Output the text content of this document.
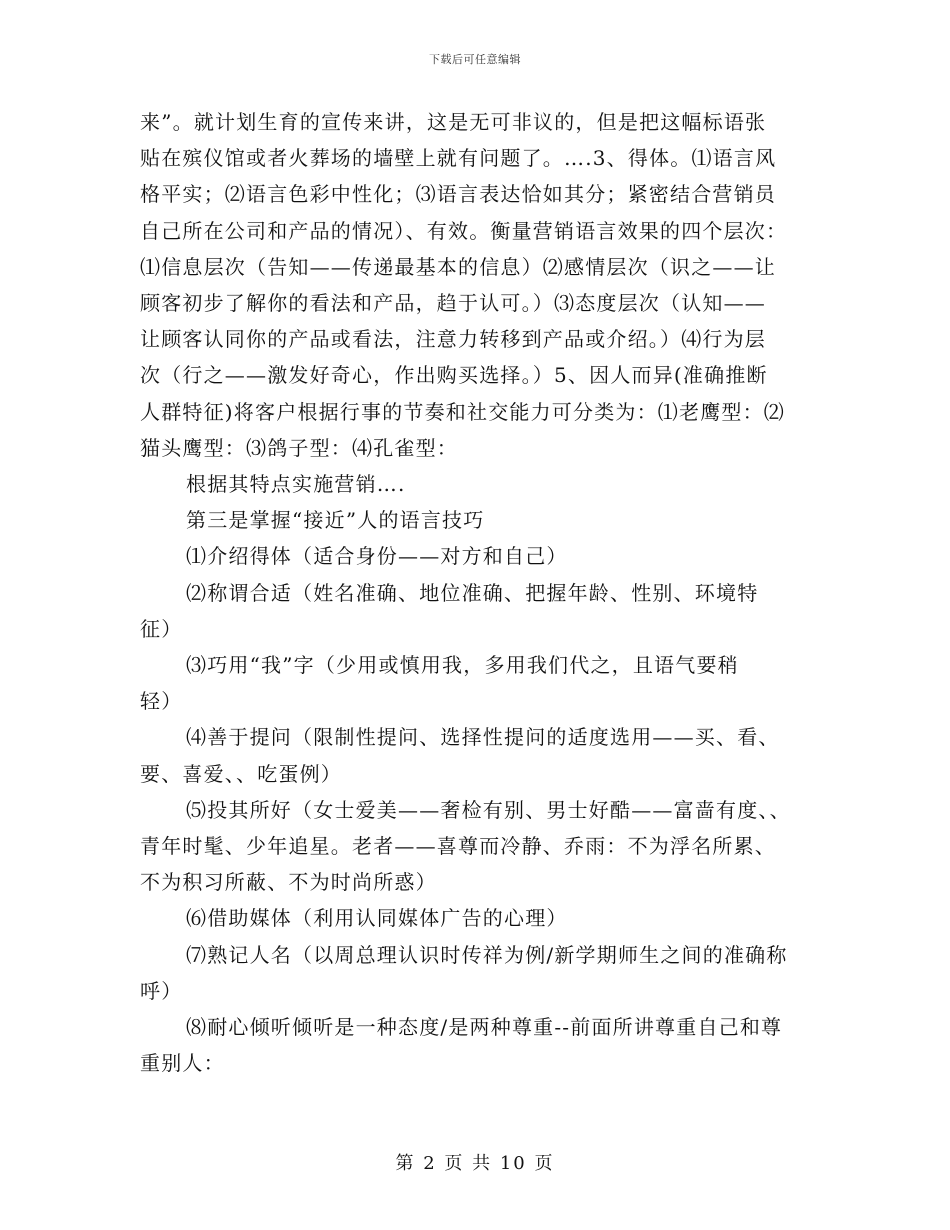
下载后可任意编辑

来”。就计划生育的宣传来讲，这是无可非议的，但是把这幅标语张
贴在殡仪馆或者火葬场的墙壁上就有问题了。….3、得体。⑴语言风
格平实；⑵语言色彩中性化；⑶语言表达恰如其分；紧密结合营销员
自己所在公司和产品的情况）、有效。衡量营销语言效果的四个层次：
⑴信息层次（告知——传递最基本的信息）⑵感情层次（识之——让
顾客初步了解你的看法和产品，趋于认可。）⑶态度层次（认知——
让顾客认同你的产品或看法，注意力转移到产品或介绍。）⑷行为层
次（行之——激发好奇心，作出购买选择。）5、因人而异(准确推断
人群特征)将客户根据行事的节奏和社交能力可分类为：⑴老鹰型：⑵
猫头鹰型：⑶鸽子型：⑷孔雀型：

根据其特点实施营销….

第三是掌握“接近”人的语言技巧

⑴介绍得体（适合身份——对方和自己）

⑵称谓合适（姓名准确、地位准确、把握年龄、性别、环境特
征）

⑶巧用“我”字（少用或慎用我，多用我们代之，且语气要稍
轻）

⑷善于提问（限制性提问、选择性提问的适度选用——买、看、
要、喜爱、、吃蛋例）

⑸投其所好（女士爱美——奢检有别、男士好酷——富啬有度、、
青年时髦、少年追星。老者——喜尊而冷静、乔雨：不为浮名所累、
不为积习所蔽、不为时尚所惑）

⑹借助媒体（利用认同媒体广告的心理）

⑺熟记人名（以周总理认识时传祥为例/新学期师生之间的准确称
呼）

⑻耐心倾听倾听是一种态度/是两种尊重--前面所讲尊重自己和尊
重别人：

第 2 页 共 10 页
